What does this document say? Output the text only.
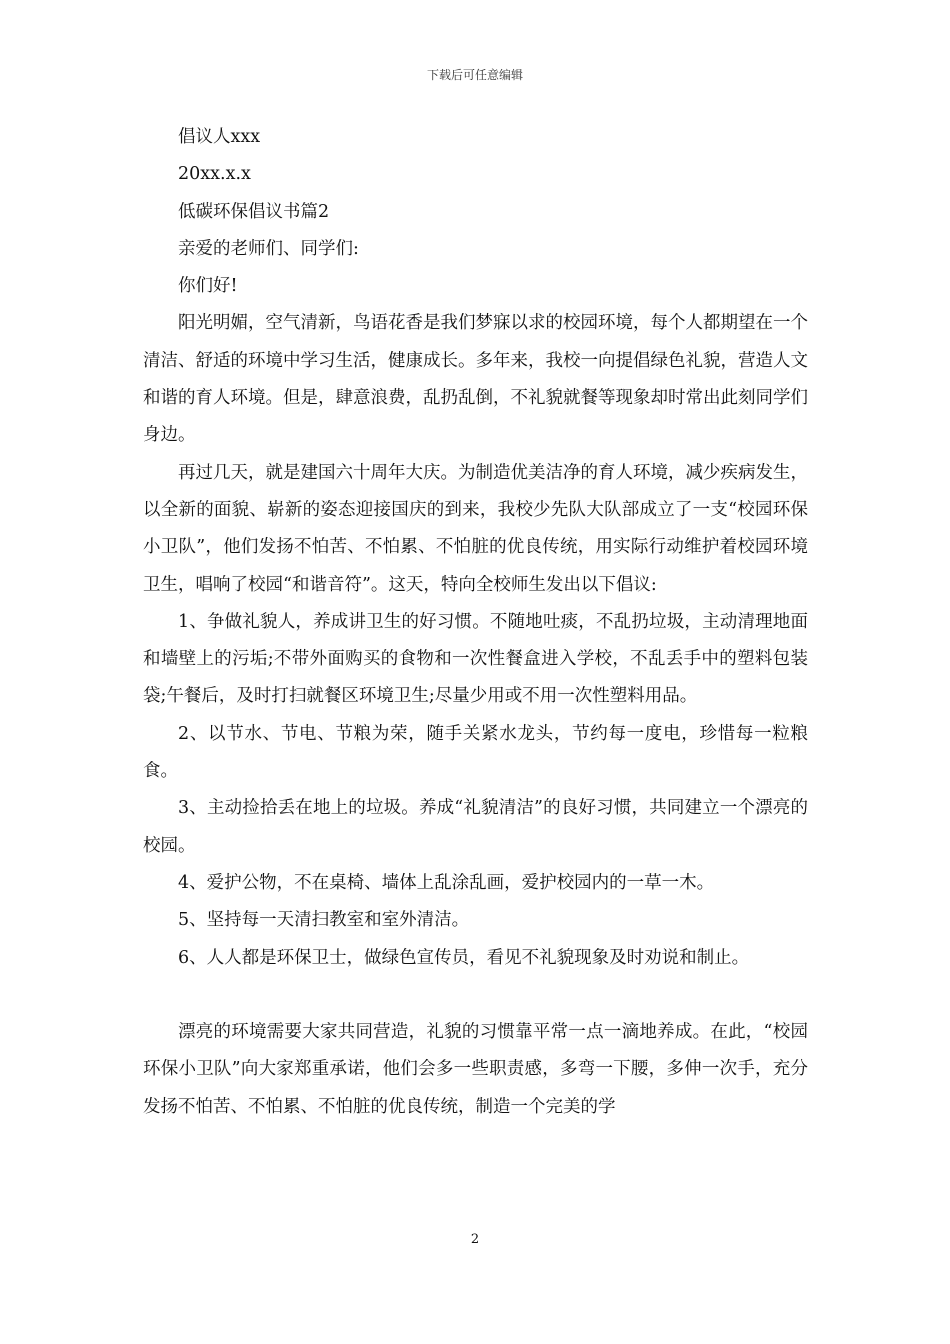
下载后可任意编辑

倡议人xxx

20xx.x.x

低碳环保倡议书篇2

亲爱的老师们、同学们:

你们好!

阳光明媚，空气清新，鸟语花香是我们梦寐以求的校园环境，每个人都期望在一个清洁、舒适的环境中学习生活，健康成长。多年来，我校一向提倡绿色礼貌，营造人文和谐的育人环境。但是，肆意浪费，乱扔乱倒，不礼貌就餐等现象却时常出此刻同学们身边。

再过几天，就是建国六十周年大庆。为制造优美洁净的育人环境，减少疾病发生，以全新的面貌、崭新的姿态迎接国庆的到来，我校少先队大队部成立了一支“校园环保小卫队”，他们发扬不怕苦、不怕累、不怕脏的优良传统，用实际行动维护着校园环境卫生，唱响了校园“和谐音符”。这天，特向全校师生发出以下倡议:

1、争做礼貌人，养成讲卫生的好习惯。不随地吐痰，不乱扔垃圾，主动清理地面和墙壁上的污垢;不带外面购买的食物和一次性餐盒进入学校，不乱丢手中的塑料包装袋;午餐后，及时打扫就餐区环境卫生;尽量少用或不用一次性塑料用品。

2、以节水、节电、节粮为荣，随手关紧水龙头，节约每一度电，珍惜每一粒粮食。

3、主动捡拾丢在地上的垃圾。养成“礼貌清洁”的良好习惯，共同建立一个漂亮的校园。

4、爱护公物，不在桌椅、墙体上乱涂乱画，爱护校园内的一草一木。

5、坚持每一天清扫教室和室外清洁。

6、人人都是环保卫士，做绿色宣传员，看见不礼貌现象及时劝说和制止。

漂亮的环境需要大家共同营造，礼貌的习惯靠平常一点一滴地养成。在此，“校园环保小卫队”向大家郑重承诺，他们会多一些职责感，多弯一下腰，多伸一次手，充分发扬不怕苦、不怕累、不怕脏的优良传统，制造一个完美的学

2
